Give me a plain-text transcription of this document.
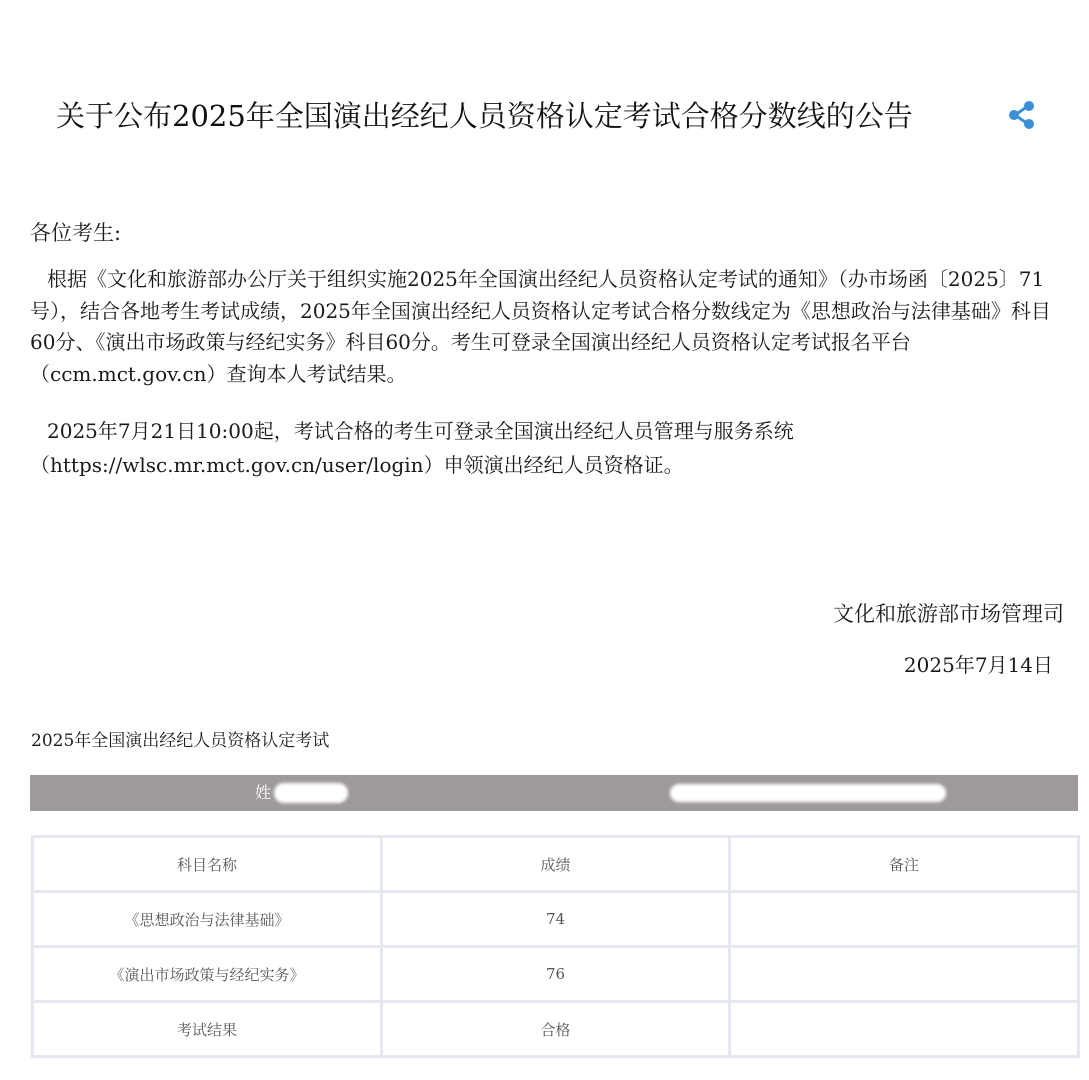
关于公布2025年全国演出经纪人员资格认定考试合格分数线的公告
各位考生:

根据《文化和旅游部办公厅关于组织实施2025年全国演出经纪人员资格认定考试的通知》（办市场函〔2025〕71号），结合各地考生考试成绩，2025年全国演出经纪人员资格认定考试合格分数线定为《思想政治与法律基础》科目60分、《演出市场政策与经纪实务》科目60分。考生可登录全国演出经纪人员资格认定考试报名平台（ccm.mct.gov.cn）查询本人考试结果。

2025年7月21日10:00起，考试合格的考生可登录全国演出经纪人员管理与服务系统（https://wlsc.mr.mct.gov.cn/user/login）申领演出经纪人员资格证。

文化和旅游部市场管理司
2025年7月14日
2025年全国演出经纪人员资格认定考试
姓
科目名称	成绩	备注
《思想政治与法律基础》	74	
《演出市场政策与经纪实务》	76	
考试结果	合格	
